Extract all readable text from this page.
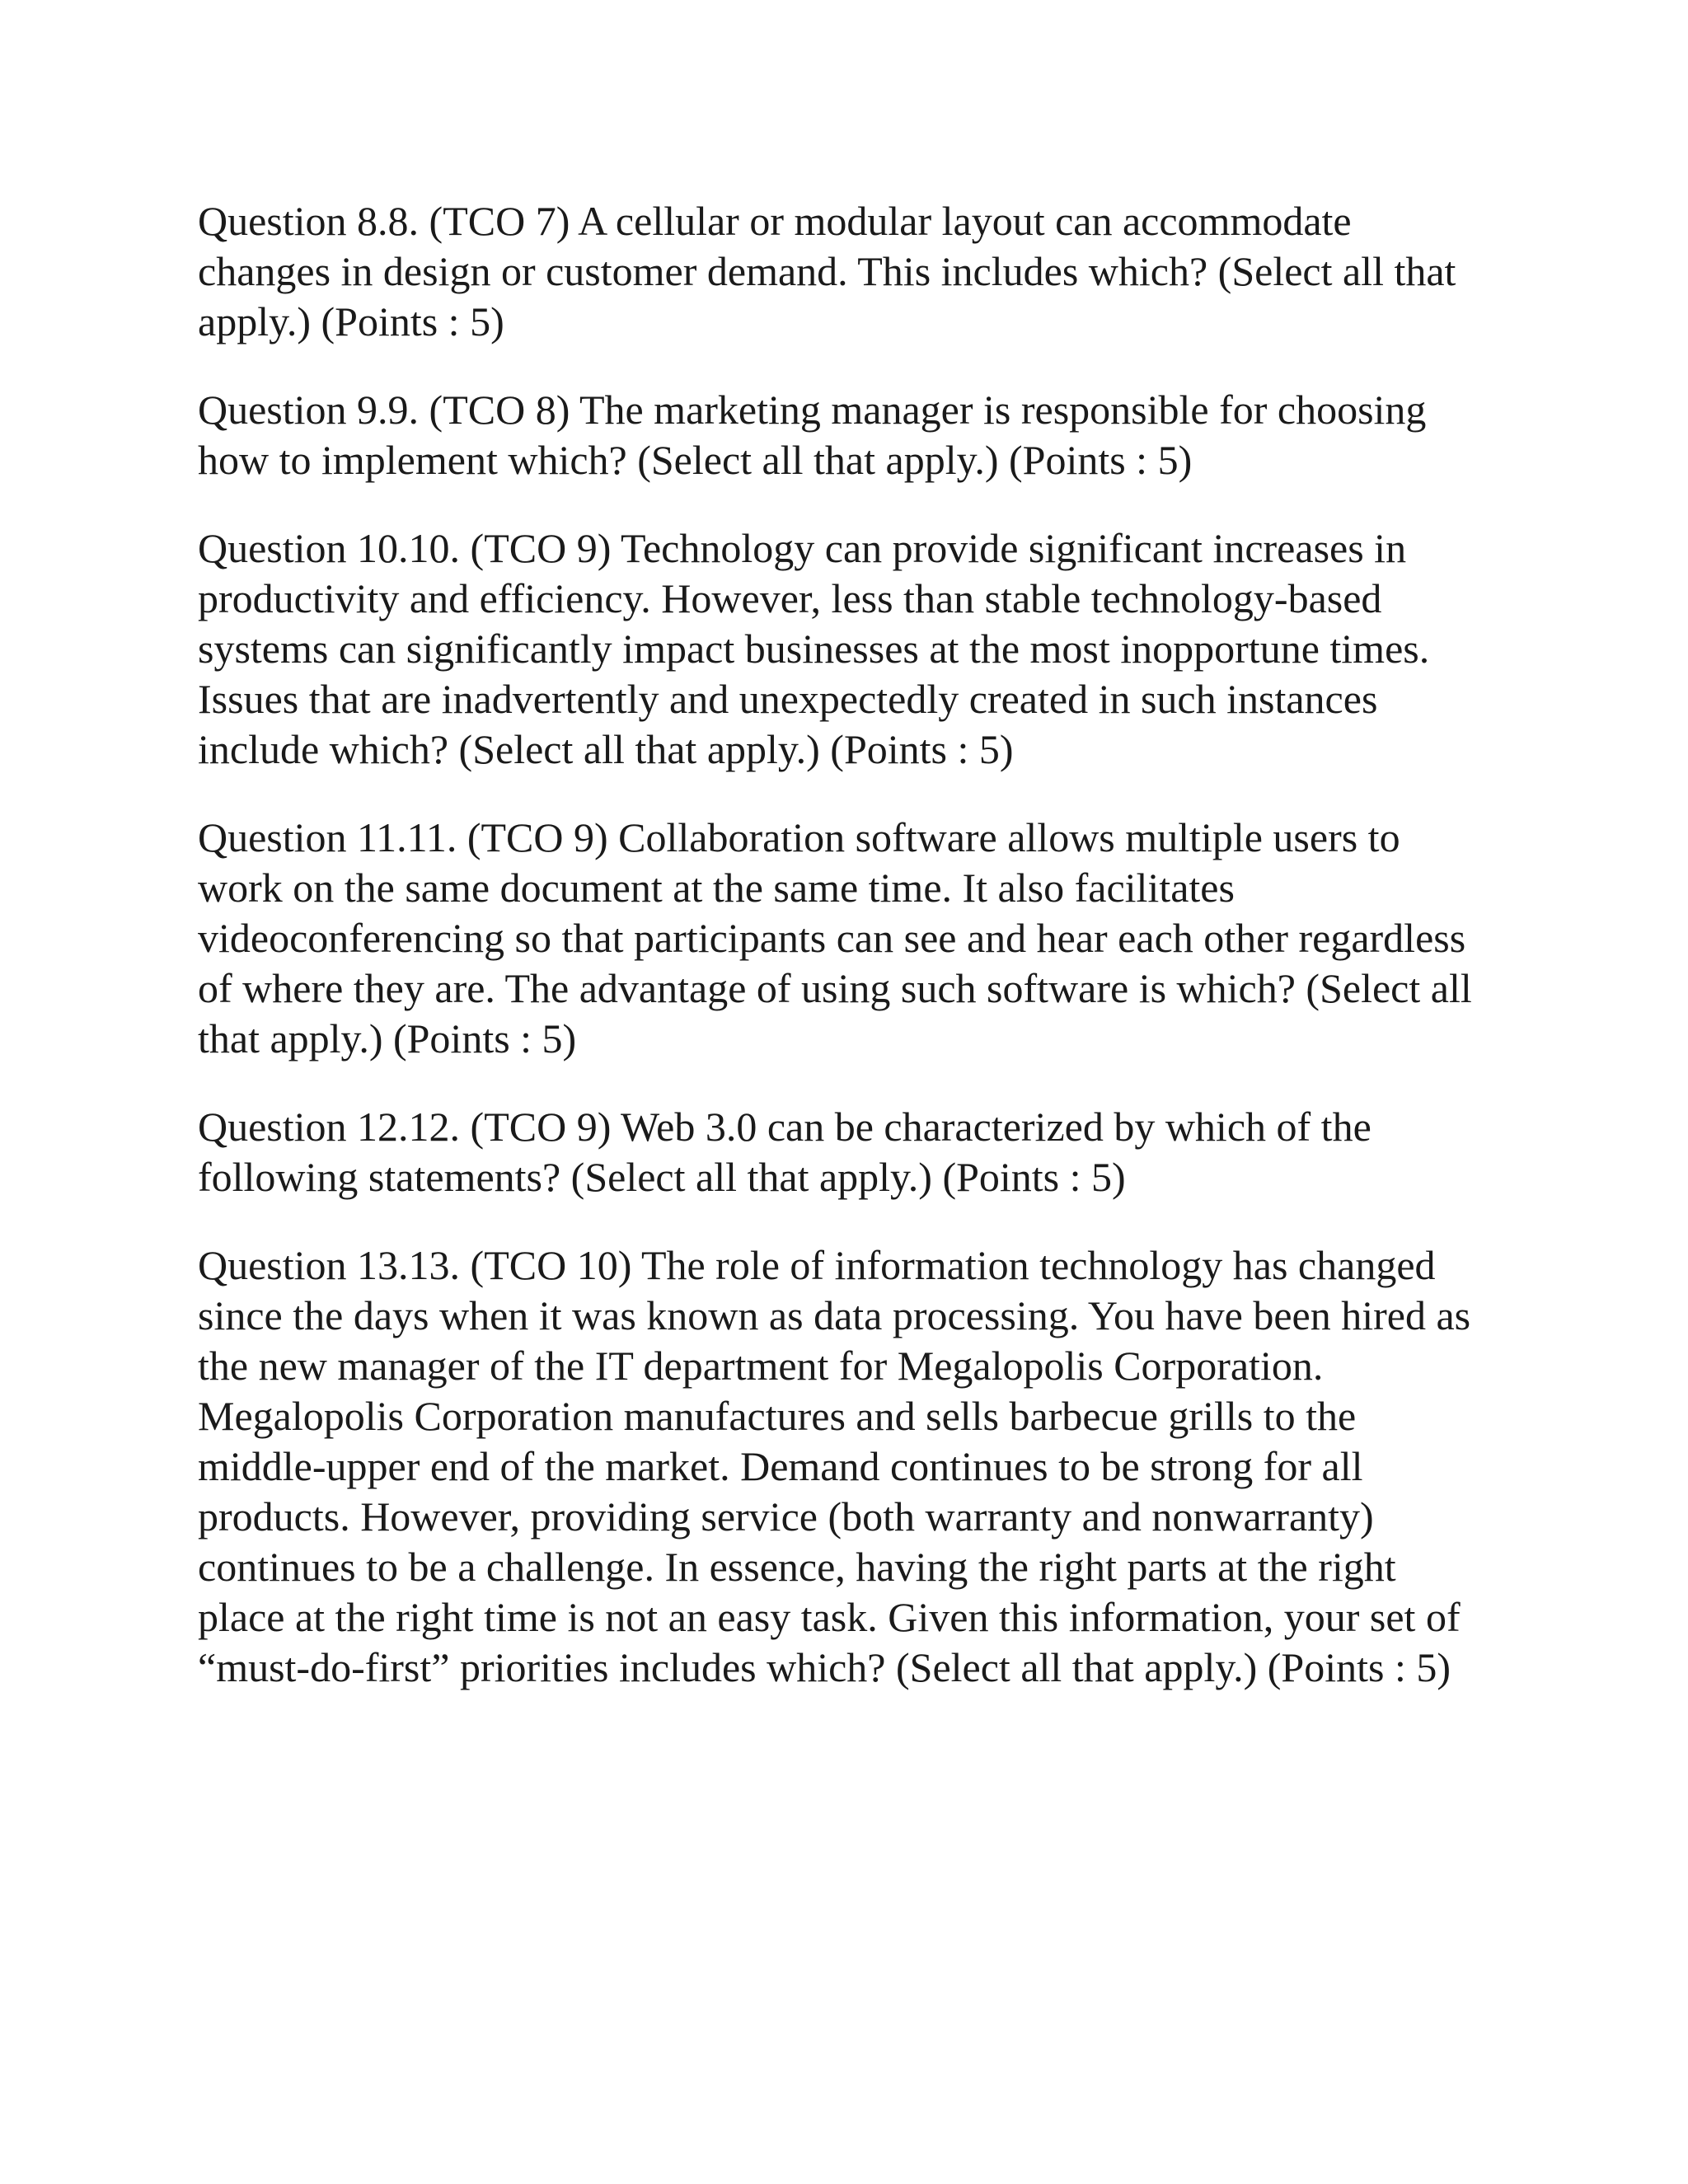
Question 8.8. (TCO 7) A cellular or modular layout can accommodate changes in design or customer demand. This includes which? (Select all that apply.) (Points : 5)

Question 9.9. (TCO 8) The marketing manager is responsible for choosing how to implement which? (Select all that apply.) (Points : 5)

Question 10.10. (TCO 9) Technology can provide significant increases in productivity and efficiency. However, less than stable technology-based systems can significantly impact businesses at the most inopportune times. Issues that are inadvertently and unexpectedly created in such instances include which? (Select all that apply.) (Points : 5)

Question 11.11. (TCO 9) Collaboration software allows multiple users to work on the same document at the same time. It also facilitates videoconferencing so that participants can see and hear each other regardless of where they are. The advantage of using such software is which? (Select all that apply.) (Points : 5)

Question 12.12. (TCO 9) Web 3.0 can be characterized by which of the following statements? (Select all that apply.) (Points : 5)

Question 13.13. (TCO 10) The role of information technology has changed since the days when it was known as data processing. You have been hired as the new manager of the IT department for Megalopolis Corporation. Megalopolis Corporation manufactures and sells barbecue grills to the middle-upper end of the market. Demand continues to be strong for all products. However, providing service (both warranty and nonwarranty) continues to be a challenge. In essence, having the right parts at the right place at the right time is not an easy task. Given this information, your set of “must-do-first” priorities includes which? (Select all that apply.) (Points : 5)
